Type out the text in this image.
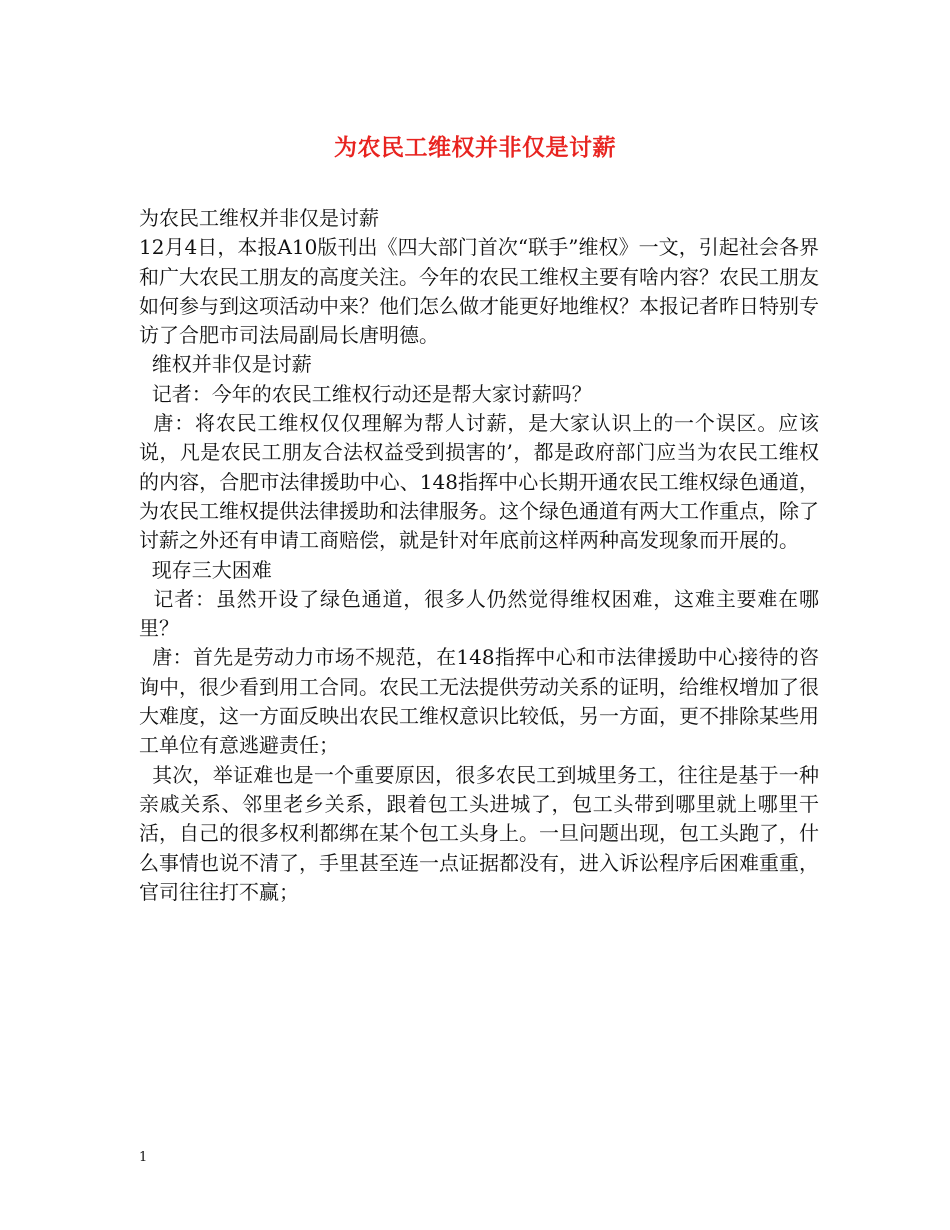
为农民工维权并非仅是讨薪

为农民工维权并非仅是讨薪

12月4日，本报A10版刊出《四大部门首次“联手”维权》一文，引起社会各界和广大农民工朋友的高度关注。今年的农民工维权主要有啥内容？农民工朋友如何参与到这项活动中来？他们怎么做才能更好地维权？本报记者昨日特别专访了合肥市司法局副局长唐明德。

维权并非仅是讨薪

记者：今年的农民工维权行动还是帮大家讨薪吗？

唐：将农民工维权仅仅理解为帮人讨薪，是大家认识上的一个误区。应该说，凡是农民工朋友合法权益受到损害的’，都是政府部门应当为农民工维权的内容，合肥市法律援助中心、148指挥中心长期开通农民工维权绿色通道，为农民工维权提供法律援助和法律服务。这个绿色通道有两大工作重点，除了讨薪之外还有申请工商赔偿，就是针对年底前这样两种高发现象而开展的。

现存三大困难

记者：虽然开设了绿色通道，很多人仍然觉得维权困难，这难主要难在哪里？

唐：首先是劳动力市场不规范，在148指挥中心和市法律援助中心接待的咨询中，很少看到用工合同。农民工无法提供劳动关系的证明，给维权增加了很大难度，这一方面反映出农民工维权意识比较低，另一方面，更不排除某些用工单位有意逃避责任；

其次，举证难也是一个重要原因，很多农民工到城里务工，往往是基于一种亲戚关系、邻里老乡关系，跟着包工头进城了，包工头带到哪里就上哪里干活，自己的很多权利都绑在某个包工头身上。一旦问题出现，包工头跑了，什么事情也说不清了，手里甚至连一点证据都没有，进入诉讼程序后困难重重，官司往往打不赢；

1
